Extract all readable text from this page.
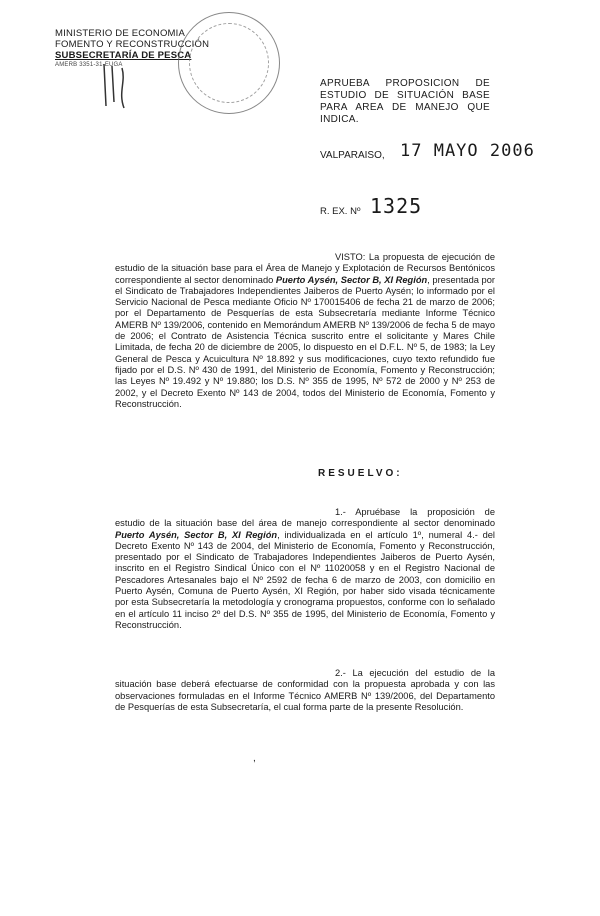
MINISTERIO DE ECONOMIA
FOMENTO Y RECONSTRUCCIÓN
SUBSECRETARÍA DE PESCA
AMERB 3351-31-EUGA
APRUEBA PROPOSICION DE ESTUDIO DE SITUACIÓN BASE PARA AREA DE MANEJO QUE INDICA.
VALPARAISO, 17 MAYO 2006
R. EX. Nº 1325
VISTO: La propuesta de ejecución de estudio de la situación base para el Área de Manejo y Explotación de Recursos Bentónicos correspondiente al sector denominado Puerto Aysén, Sector B, XI Región, presentada por el Sindicato de Trabajadores Independientes Jaiberos de Puerto Aysén; lo informado por el Servicio Nacional de Pesca mediante Oficio Nº 170015406 de fecha 21 de marzo de 2006; por el Departamento de Pesquerías de esta Subsecretaría mediante Informe Técnico AMERB Nº 139/2006, contenido en Memorándum AMERB Nº 139/2006 de fecha 5 de mayo de 2006; el Contrato de Asistencia Técnica suscrito entre el solicitante y Mares Chile Limitada, de fecha 20 de diciembre de 2005, lo dispuesto en el D.F.L. Nº 5, de 1983; la Ley General de Pesca y Acuicultura Nº 18.892 y sus modificaciones, cuyo texto refundido fue fijado por el D.S. Nº 430 de 1991, del Ministerio de Economía, Fomento y Reconstrucción; las Leyes Nº 19.492 y Nº 19.880; los D.S. Nº 355 de 1995, Nº 572 de 2000 y Nº 253 de 2002, y el Decreto Exento Nº 143 de 2004, todos del Ministerio de Economía, Fomento y Reconstrucción.
RESUELVO:
1.- Apruébase la proposición de estudio de la situación base del área de manejo correspondiente al sector denominado Puerto Aysén, Sector B, XI Región, individualizada en el artículo 1º, numeral 4.- del Decreto Exento Nº 143 de 2004, del Ministerio de Economía, Fomento y Reconstrucción, presentado por el Sindicato de Trabajadores Independientes Jaiberos de Puerto Aysén, inscrito en el Registro Sindical Único con el Nº 11020058 y en el Registro Nacional de Pescadores Artesanales bajo el Nº 2592 de fecha 6 de marzo de 2003, con domicilio en Puerto Aysén, Comuna de Puerto Aysén, XI Región, por haber sido visada técnicamente por esta Subsecretaría la metodología y cronograma propuestos, conforme con lo señalado en el artículo 11 inciso 2º del D.S. Nº 355 de 1995, del Ministerio de Economía, Fomento y Reconstrucción.
2.- La ejecución del estudio de la situación base deberá efectuarse de conformidad con la propuesta aprobada y con las observaciones formuladas en el Informe Técnico AMERB Nº 139/2006, del Departamento de Pesquerías de esta Subsecretaría, el cual forma parte de la presente Resolución.
,
